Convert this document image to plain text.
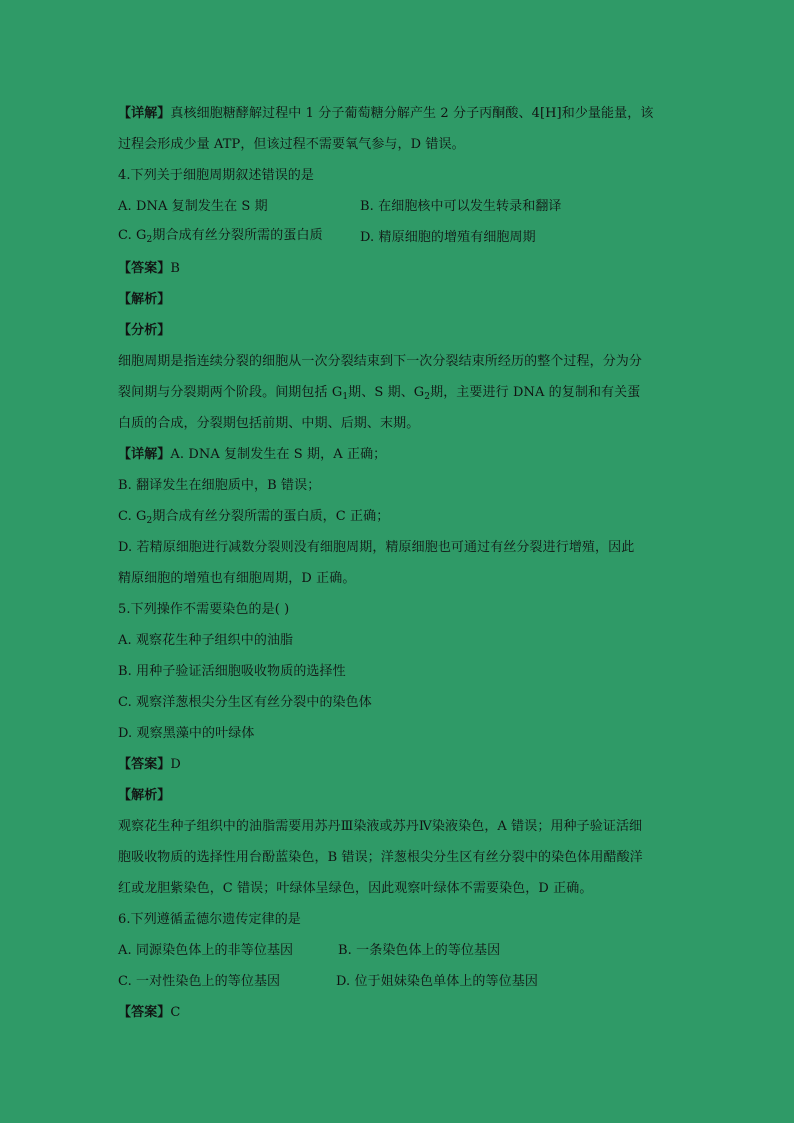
【详解】真核细胞糖酵解过程中 1 分子葡萄糖分解产生 2 分子丙酮酸、4[H]和少量能量，该
过程会形成少量 ATP，但该过程不需要氧气参与，D 错误。
4.下列关于细胞周期叙述错误的是
A. DNA 复制发生在 S 期	B. 在细胞核中可以发生转录和翻译
C. $G_2$期合成有丝分裂所需的蛋白质	D. 精原细胞的增殖有细胞周期
【答案】B
【解析】
【分析】
细胞周期是指连续分裂的细胞从一次分裂结束到下一次分裂结束所经历的整个过程，分为分
裂间期与分裂期两个阶段。间期包括 $G_1$期、S 期、$G_2$期，主要进行 DNA 的复制和有关蛋
白质的合成，分裂期包括前期、中期、后期、末期。
【详解】A. DNA 复制发生在 S 期，A 正确；
B. 翻译发生在细胞质中，B 错误；
C. $G_2$期合成有丝分裂所需的蛋白质，C 正确；
D. 若精原细胞进行减数分裂则没有细胞周期，精原细胞也可通过有丝分裂进行增殖，因此
精原细胞的增殖也有细胞周期，D 正确。
5.下列操作不需要染色的是( )
A. 观察花生种子组织中的油脂
B. 用种子验证活细胞吸收物质的选择性
C. 观察洋葱根尖分生区有丝分裂中的染色体
D. 观察黑藻中的叶绿体
【答案】D
【解析】
观察花生种子组织中的油脂需要用苏丹Ⅲ染液或苏丹Ⅳ染液染色，A 错误；用种子验证活细
胞吸收物质的选择性用台酚蓝染色，B 错误；洋葱根尖分生区有丝分裂中的染色体用醋酸洋
红或龙胆紫染色，C 错误；叶绿体呈绿色，因此观察叶绿体不需要染色，D 正确。
6.下列遵循孟德尔遗传定律的是
A. 同源染色体上的非等位基因	B. 一条染色体上的等位基因
C. 一对性染色上的等位基因	D. 位于姐妹染色单体上的等位基因
【答案】C
